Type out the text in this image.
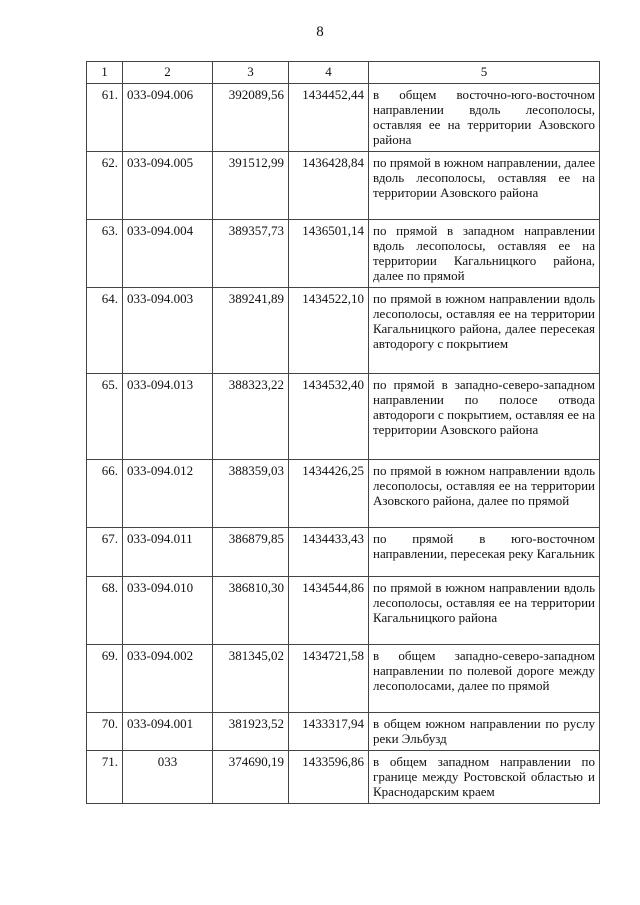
8
1	2	3	4	5
61.	033-094.006	392089,56	1434452,44	в общем восточно-юго-восточном направлении вдоль лесополосы, оставляя ее на территории Азовского района
62.	033-094.005	391512,99	1436428,84	по прямой в южном направлении, далее вдоль лесополосы, оставляя ее на территории Азовского района
63.	033-094.004	389357,73	1436501,14	по прямой в западном направлении вдоль лесополосы, оставляя ее на территории Кагальницкого района, далее по прямой
64.	033-094.003	389241,89	1434522,10	по прямой в южном направлении вдоль лесополосы, оставляя ее на территории Кагальницкого района, далее пересекая автодорогу с покрытием
65.	033-094.013	388323,22	1434532,40	по прямой в западно-северо-западном направлении по полосе отвода автодороги с покрытием, оставляя ее на территории Азовского района
66.	033-094.012	388359,03	1434426,25	по прямой в южном направлении вдоль лесополосы, оставляя ее на территории Азовского района, далее по прямой
67.	033-094.011	386879,85	1434433,43	по прямой в юго-восточном направлении, пересекая реку Кагальник
68.	033-094.010	386810,30	1434544,86	по прямой в южном направлении вдоль лесополосы, оставляя ее на территории Кагальницкого района
69.	033-094.002	381345,02	1434721,58	в общем западно-северо-западном направлении по полевой дороге между лесополосами, далее по прямой
70.	033-094.001	381923,52	1433317,94	в общем южном направлении по руслу реки Эльбузд
71.	033	374690,19	1433596,86	в общем западном направлении по границе между Ростовской областью и Краснодарским краем
